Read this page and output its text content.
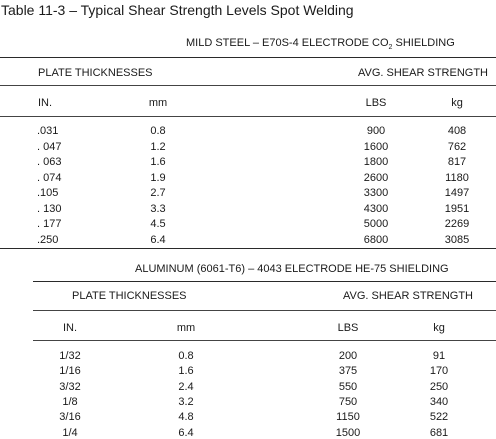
Table 11-3 – Typical Shear Strength Levels Spot Welding
MILD STEEL – E70S-4 ELECTRODE $CO_2$ SHIELDING
PLATE THICKNESSES	AVG. SHEAR STRENGTH
IN.	mm	LBS	kg
.031	0.8	900	408
. 047	1.2	1600	762
. 063	1.6	1800	817
. 074	1.9	2600	1180
.105	2.7	3300	1497
. 130	3.3	4300	1951
. 177	4.5	5000	2269
.250	6.4	6800	3085
ALUMINUM (6061-T6) – 4043 ELECTRODE HE-75 SHIELDING
PLATE THICKNESSES	AVG. SHEAR STRENGTH
IN.	mm	LBS	kg
1/32	0.8	200	91
1/16	1.6	375	170
3/32	2.4	550	250
1/8	3.2	750	340
3/16	4.8	1150	522
1/4	6.4	1500	681
